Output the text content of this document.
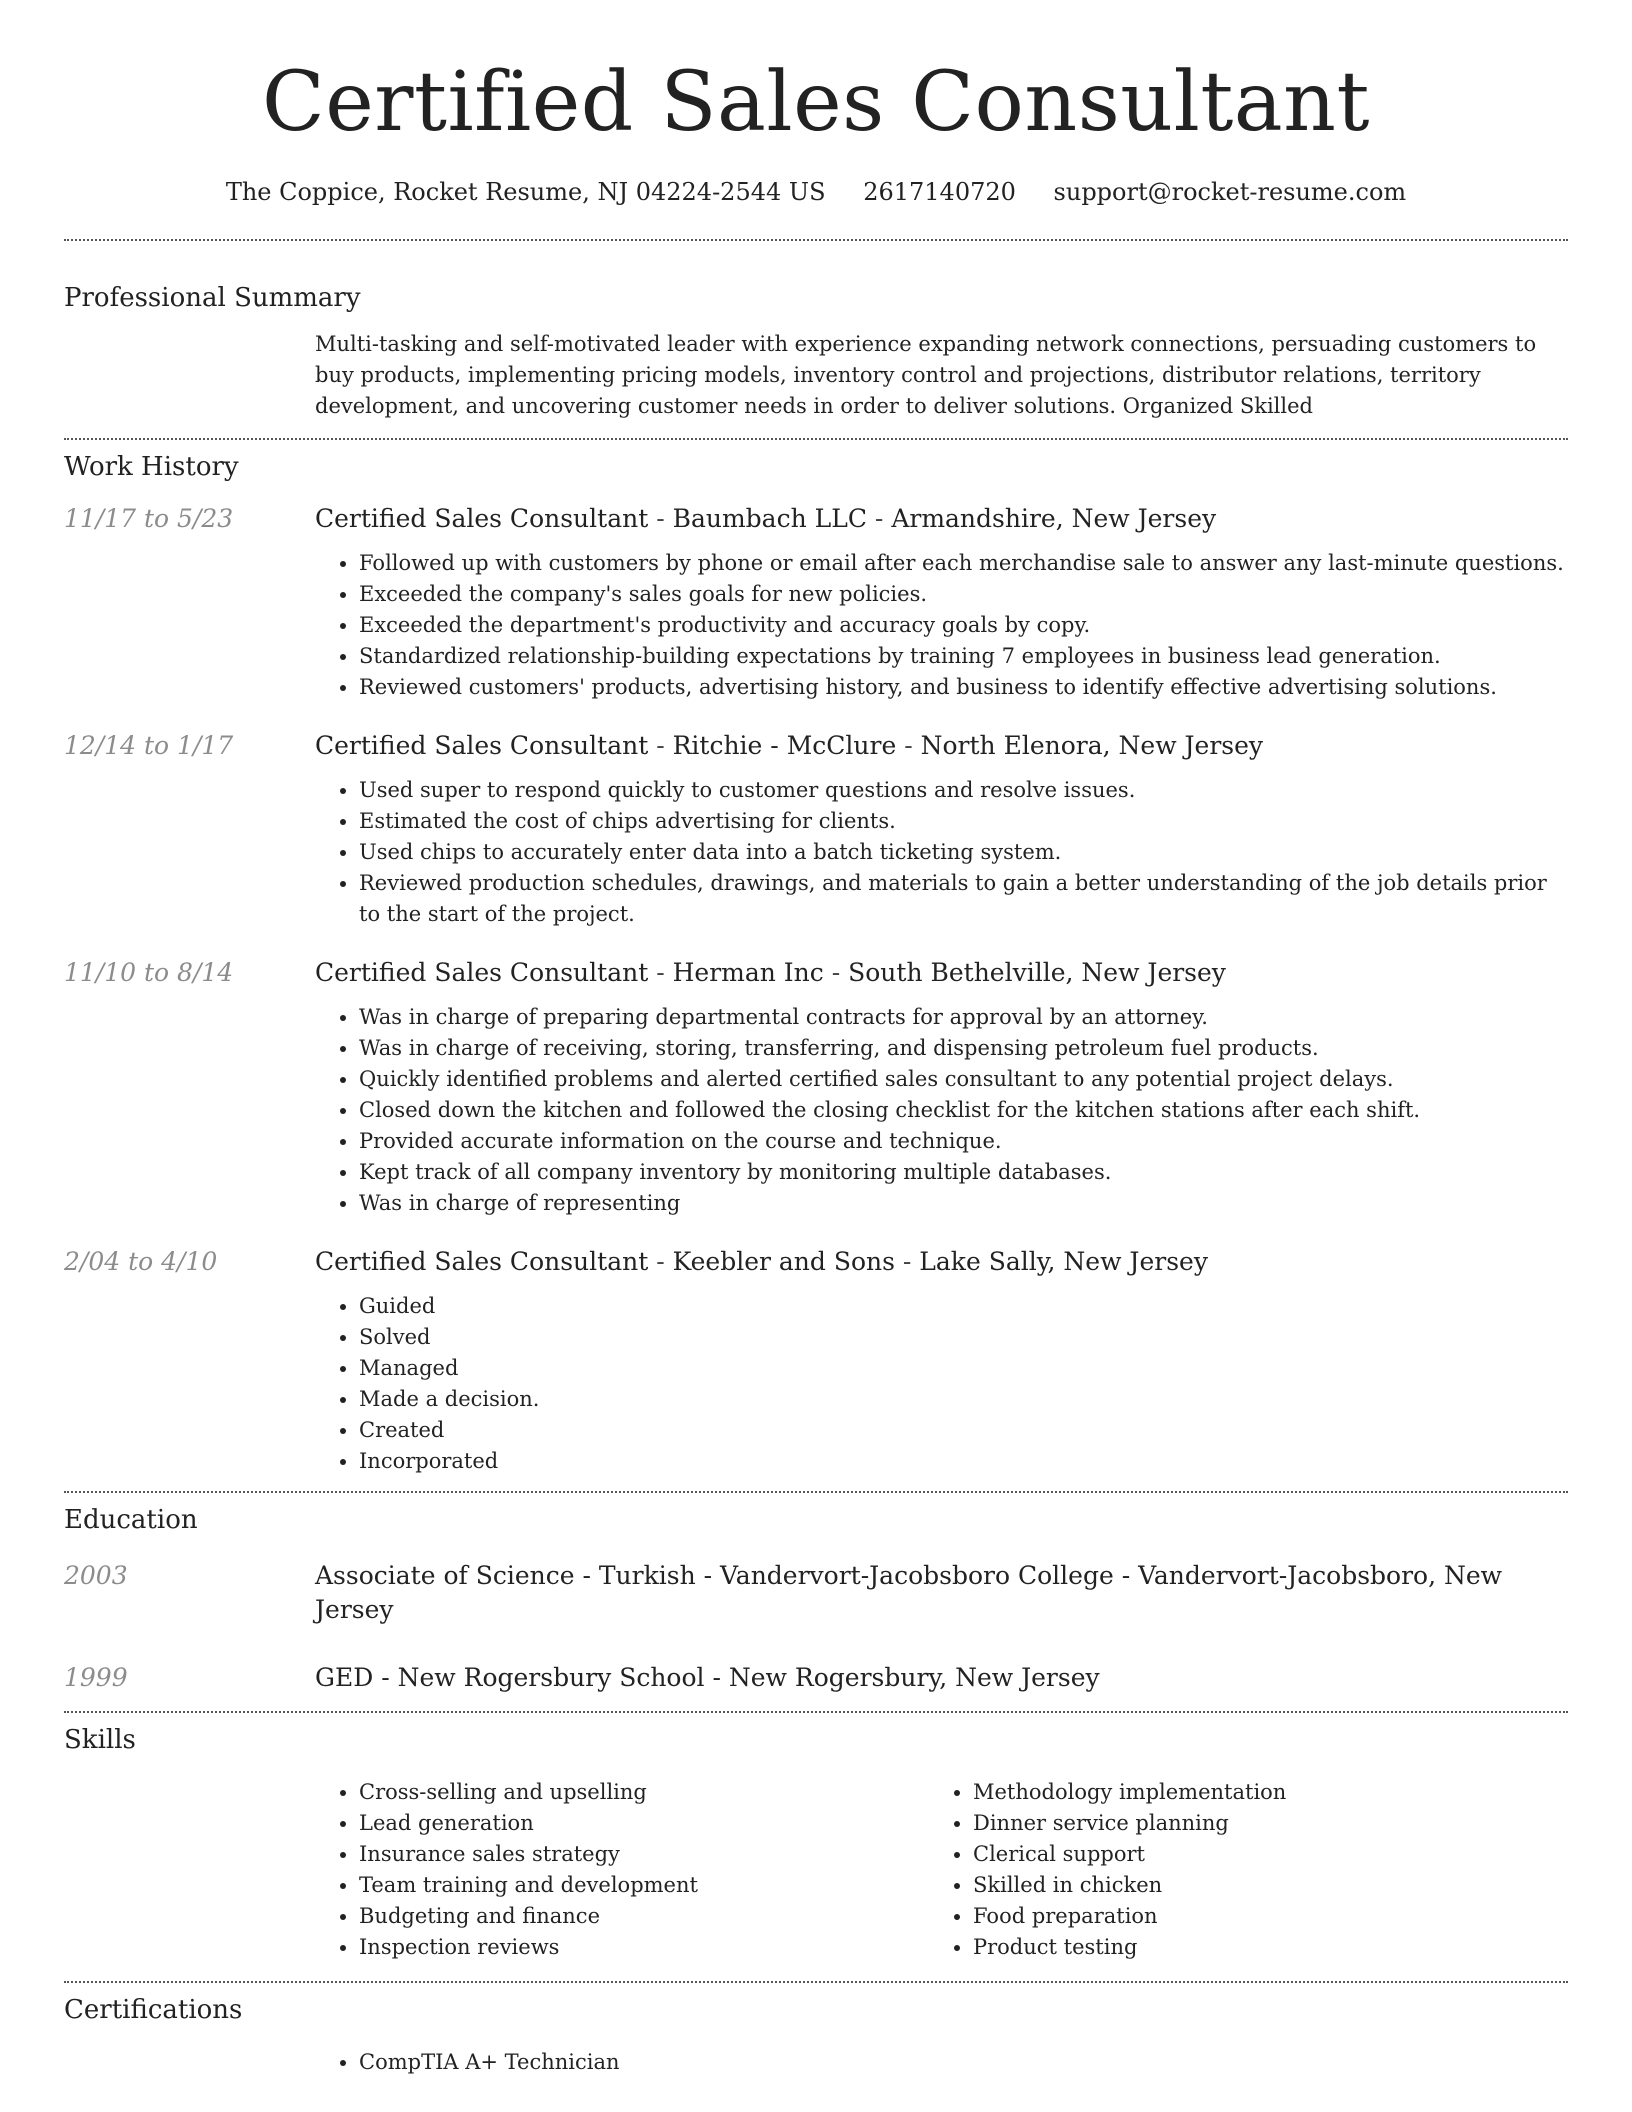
Certified Sales Consultant
The Coppice, Rocket Resume, NJ 04224-2544 US 2617140720 support@rocket-resume.com
Professional Summary

Multi-tasking and self-motivated leader with experience expanding network connections, persuading customers to buy products, implementing pricing models, inventory control and projections, distributor relations, territory development, and uncovering customer needs in order to deliver solutions. Organized Skilled

Work History
11/17 to 5/23	Certified Sales Consultant - Baumbach LLC - Armandshire, New Jersey
• Followed up with customers by phone or email after each merchandise sale to answer any last-minute questions.
• Exceeded the company's sales goals for new policies.
• Exceeded the department's productivity and accuracy goals by copy.
• Standardized relationship-building expectations by training 7 employees in business lead generation.
• Reviewed customers' products, advertising history, and business to identify effective advertising solutions.
12/14 to 1/17	Certified Sales Consultant - Ritchie - McClure - North Elenora, New Jersey
• Used super to respond quickly to customer questions and resolve issues.
• Estimated the cost of chips advertising for clients.
• Used chips to accurately enter data into a batch ticketing system.
• Reviewed production schedules, drawings, and materials to gain a better understanding of the job details prior to the start of the project.
11/10 to 8/14	Certified Sales Consultant - Herman Inc - South Bethelville, New Jersey
• Was in charge of preparing departmental contracts for approval by an attorney.
• Was in charge of receiving, storing, transferring, and dispensing petroleum fuel products.
• Quickly identified problems and alerted certified sales consultant to any potential project delays.
• Closed down the kitchen and followed the closing checklist for the kitchen stations after each shift.
• Provided accurate information on the course and technique.
• Kept track of all company inventory by monitoring multiple databases.
• Was in charge of representing
2/04 to 4/10	Certified Sales Consultant - Keebler and Sons - Lake Sally, New Jersey
• Guided
• Solved
• Managed
• Made a decision.
• Created
• Incorporated
Education
2003	Associate of Science - Turkish - Vandervort-Jacobsboro College - Vandervort-Jacobsboro, New Jersey
1999	GED - New Rogersbury School - New Rogersbury, New Jersey
Skills
• Cross-selling and upselling
• Lead generation
• Insurance sales strategy
• Team training and development
• Budgeting and finance
• Inspection reviews
• Methodology implementation
• Dinner service planning
• Clerical support
• Skilled in chicken
• Food preparation
• Product testing
Certifications
• CompTIA A+ Technician
